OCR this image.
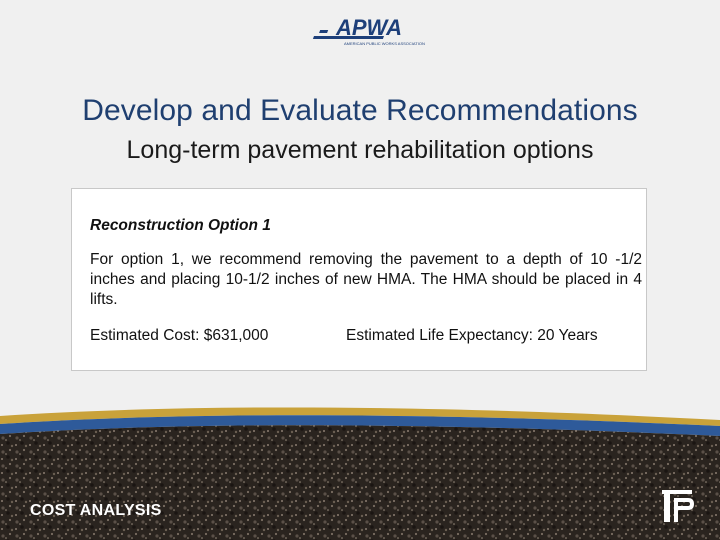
APWA
AMERICAN PUBLIC WORKS ASSOCIATION
Develop and Evaluate Recommendations
Long-term pavement rehabilitation options
Reconstruction Option 1
For option 1, we recommend removing the pavement to a depth of 10 -1/2 inches and placing 10-1/2 inches of new HMA. The HMA should be placed in 4 lifts.
Estimated Cost: $631,000	Estimated Life Expectancy: 20 Years
COST ANALYSIS
